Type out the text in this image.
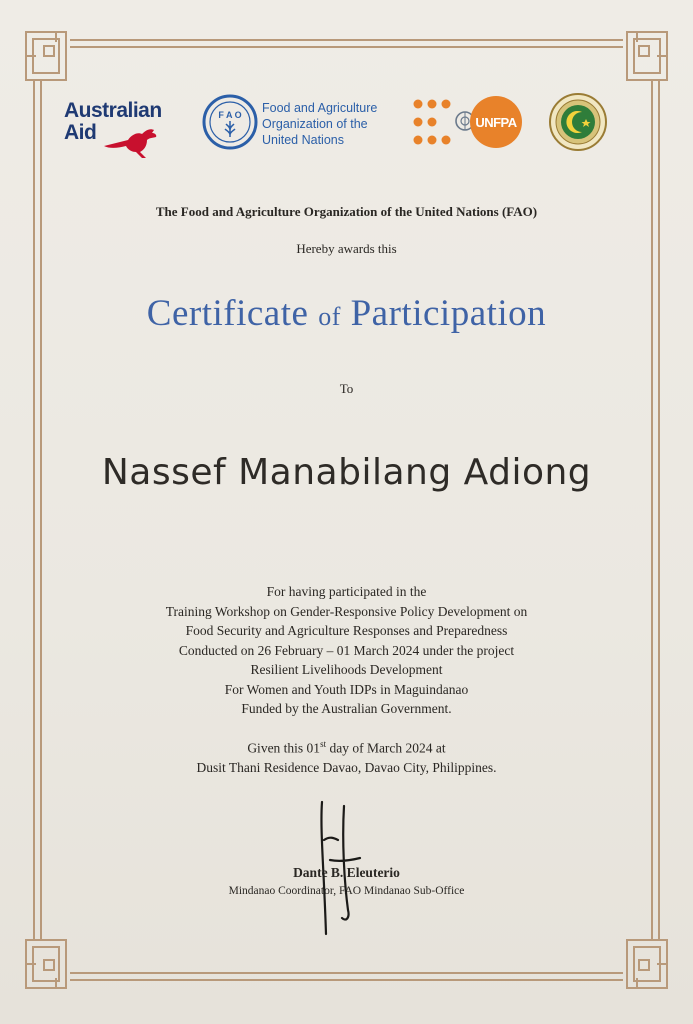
Australian
Aid
F A O Food and Agriculture
Organization of the
United Nations
UNFPA
The Food and Agriculture Organization of the United Nations (FAO)
Hereby awards this
Certificate of Participation
To
Nassef Manabilang Adiong
For having participated in the
Training Workshop on Gender-Responsive Policy Development on
Food Security and Agriculture Responses and Preparedness
Conducted on 26 February – 01 March 2024 under the project
Resilient Livelihoods Development
For Women and Youth IDPs in Maguindanao
Funded by the Australian Government.
Given this 01st day of March 2024 at
Dusit Thani Residence Davao, Davao City, Philippines.
Dante B. Eleuterio
Mindanao Coordinator, FAO Mindanao Sub-Office
